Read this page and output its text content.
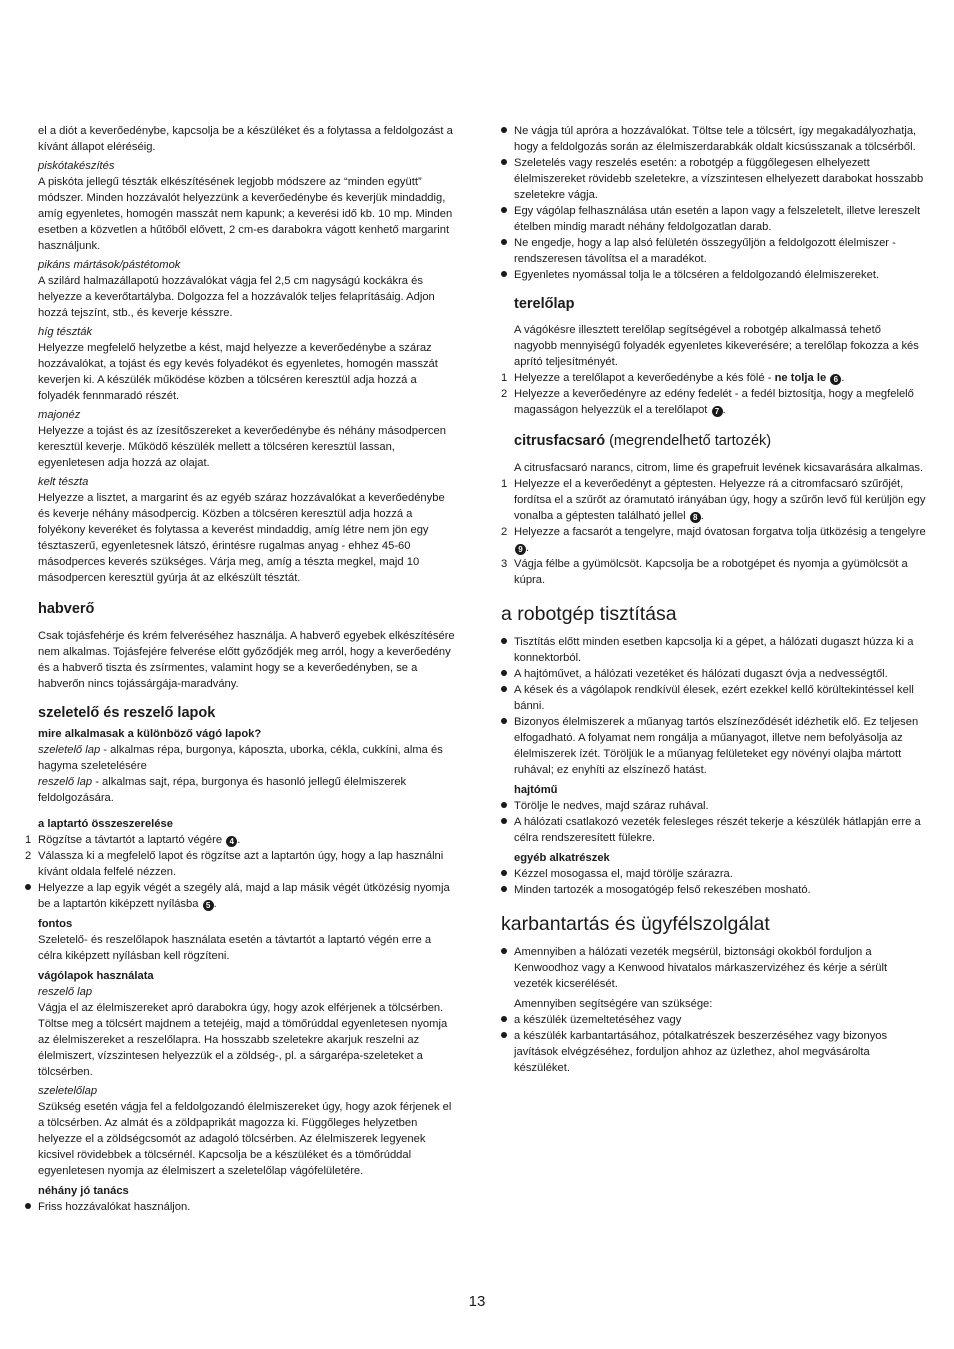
el a diót a keverőedénybe, kapcsolja be a készüléket és a folytassa a feldolgozást a kívánt állapot eléréséig.

piskótakészítés

A piskóta jellegű tészták elkészítésének legjobb módszere az “minden együtt” módszer. Minden hozzávalót helyezzünk a keverőedénybe és keverjük mindaddig, amíg egyenletes, homogén masszát nem kapunk; a keverési idő kb. 10 mp. Minden esetben a közvetlen a hűtőből elővett, 2 cm-es darabokra vágott kenhető margarint használjunk.

pikáns mártások/pástétomok

A szilárd halmazállapotú hozzávalókat vágja fel 2,5 cm nagyságú kockákra és helyezze a keverőtartályba. Dolgozza fel a hozzávalók teljes felaprításáig. Adjon hozzá tejszínt, stb., és keverje késszre.

híg tészták

Helyezze megfelelő helyzetbe a kést, majd helyezze a keverőedénybe a száraz hozzávalókat, a tojást és egy kevés folyadékot és egyenletes, homogén masszát keverjen ki. A készülék működése közben a tölcséren keresztül adja hozzá a folyadék fennmaradó részét.

majonéz

Helyezze a tojást és az ízesítőszereket a keverőedénybe és néhány másodpercen keresztül keverje. Működő készülék mellett a tölcséren keresztül lassan, egyenletesen adja hozzá az olajat.

kelt tészta

Helyezze a lisztet, a margarint és az egyéb száraz hozzávalókat a keverőedénybe és keverje néhány másodpercig. Közben a tölcséren keresztül adja hozzá a folyékony keveréket és folytassa a keverést mindaddig, amíg létre nem jön egy tésztaszerű, egyenletesnek látszó, érintésre rugalmas anyag - ehhez 45-60 másodperces keverés szükséges. Várja meg, amíg a tészta megkel, majd 10 másodpercen keresztül gyúrja át az elkészült tésztát.

habverő

Csak tojásfehérje és krém felveréséhez használja. A habverő egyebek elkészítésére nem alkalmas. Tojásfejére felverése előtt győződjék meg arról, hogy a keverőedény és a habverő tiszta és zsírmentes, valamint hogy se a keverőedényben, se a habverőn nincs tojássárgája-maradvány.

szeletelő és reszelő lapok

mire alkalmasak a különböző vágó lapok?

szeletelő lap - alkalmas répa, burgonya, káposzta, uborka, cékla, cukkíni, alma és hagyma szeletelésére

reszelő lap - alkalmas sajt, répa, burgonya és hasonló jellegű élelmiszerek feldolgozására.

a laptartó összeszerelése

1 Rögzítse a távtartót a laptartó végére 4 .
2 Válassza ki a megfelelő lapot és rögzítse azt a laptartón úgy, hogy a lap használni kívánt oldala felfelé nézzen.
Helyezze a lap egyik végét a szegély alá, majd a lap másik végét ütközésig nyomja be a laptartón kiképzett nyílásba 5 .

fontos

Szeletelő- és reszelőlapok használata esetén a távtartót a laptartó végén erre a célra kiképzett nyílásban kell rögzíteni.

vágólapok használata

reszelő lap

Vágja el az élelmiszereket apró darabokra úgy, hogy azok elférjenek a tölcsérben. Töltse meg a tölcsért majdnem a tetejéig, majd a tömőrúddal egyenletesen nyomja az élelmiszereket a reszelőlapra. Ha hosszabb szeletekre akarjuk reszelni az élelmiszert, vízszintesen helyezzük el a zöldség-, pl. a sárgarépa-szeleteket a tölcsérben.

szeletelőlap

Szükség esetén vágja fel a feldolgozandó élelmiszereket úgy, hogy azok férjenek el a tölcsérben. Az almát és a zöldpaprikát magozza ki. Függőleges helyzetben helyezze el a zöldségcsomót az adagoló tölcsérben. Az élelmiszerek legyenek kicsivel rövidebbek a tölcsérnél. Kapcsolja be a készüléket és a tömőrúddal egyenletesen nyomja az élelmiszert a szeletelőlap vágófelületére.

néhány jó tanács

Friss hozzávalókat használjon.
Ne vágja túl apróra a hozzávalókat. Töltse tele a tölcsért, így megakadályozhatja, hogy a feldolgozás során az élelmiszerdarabkák oldalt kicsússzanak a tölcsérből.
Szeletelés vagy reszelés esetén: a robotgép a függőlegesen elhelyezett élelmiszereket rövidebb szeletekre, a vízszintesen elhelyezett darabokat hosszabb szeletekre vágja.
Egy vágólap felhasználása után esetén a lapon vagy a felszeletelt, illetve lereszelt ételben mindig maradt néhány feldolgozatlan darab.
Ne engedje, hogy a lap alsó felületén összegyűljön a feldolgozott élelmiszer - rendszeresen távolítsa el a maradékot.
Egyenletes nyomással tolja le a tölcséren a feldolgozandó élelmiszereket.

terelőlap

A vágókésre illesztett terelőlap segítségével a robotgép alkalmassá tehető nagyobb mennyiségű folyadék egyenletes kikeverésére; a terelőlap fokozza a kés aprító teljesítményét.

1 Helyezze a terelőlapot a keverőedénybe a kés fölé - ne tolja le 6 .
2 Helyezze a keverőedényre az edény fedelét - a fedél biztosítja, hogy a megfelelő magasságon helyezzük el a terelőlapot 7 .

citrusfacsaró (megrendelhető tartozék)

A citrusfacsaró narancs, citrom, lime és grapefruit levének kicsavarására alkalmas.

1 Helyezze el a keverőedényt a géptesten. Helyezze rá a citromfacsaró szűrőjét, fordítsa el a szűrőt az óramutató irányában úgy, hogy a szűrőn levő fül kerüljön egy vonalba a géptesten található jellel 8 .
2 Helyezze a facsarót a tengelyre, majd óvatosan forgatva tolja ütközésig a tengelyre 9 .
3 Vágja félbe a gyümölcsöt. Kapcsolja be a robotgépet és nyomja a gyümölcsöt a kúpra.

a robotgép tisztítása

Tisztítás előtt minden esetben kapcsolja ki a gépet, a hálózati dugaszt húzza ki a konnektorból.
A hajtóművet, a hálózati vezetéket és hálózati dugaszt óvja a nedvességtől.
A kések és a vágólapok rendkívül élesek, ezért ezekkel kellő körültekintéssel kell bánni.
Bizonyos élelmiszerek a műanyag tartós elszíneződését idézhetik elő. Ez teljesen elfogadható. A folyamat nem rongálja a műanyagot, illetve nem befolyásolja az élelmiszerek ízét. Töröljük le a műanyag felületeket egy növényi olajba mártott ruhával; ez enyhíti az elszínező hatást.

hajtómű

Törölje le nedves, majd száraz ruhával.
A hálózati csatlakozó vezeték felesleges részét tekerje a készülék hátlapján erre a célra rendszeresített fülekre.

egyéb alkatrészek

Kézzel mosogassa el, majd törölje szárazra.
Minden tartozék a mosogatógép felső rekeszében mosható.

karbantartás és ügyfélszolgálat

Amennyiben a hálózati vezeték megsérül, biztonsági okokból forduljon a Kenwoodhoz vagy a Kenwood hivatalos márkaszervizéhez és kérje a sérült vezeték kicserélését.

Amennyiben segítségére van szüksége:

a készülék üzemeltetéséhez vagy
a készülék karbantartásához, pótalkatrészek beszerzéséhez vagy bizonyos javítások elvégzéséhez, forduljon ahhoz az üzlethez, ahol megvásárolta készüléket.
13
